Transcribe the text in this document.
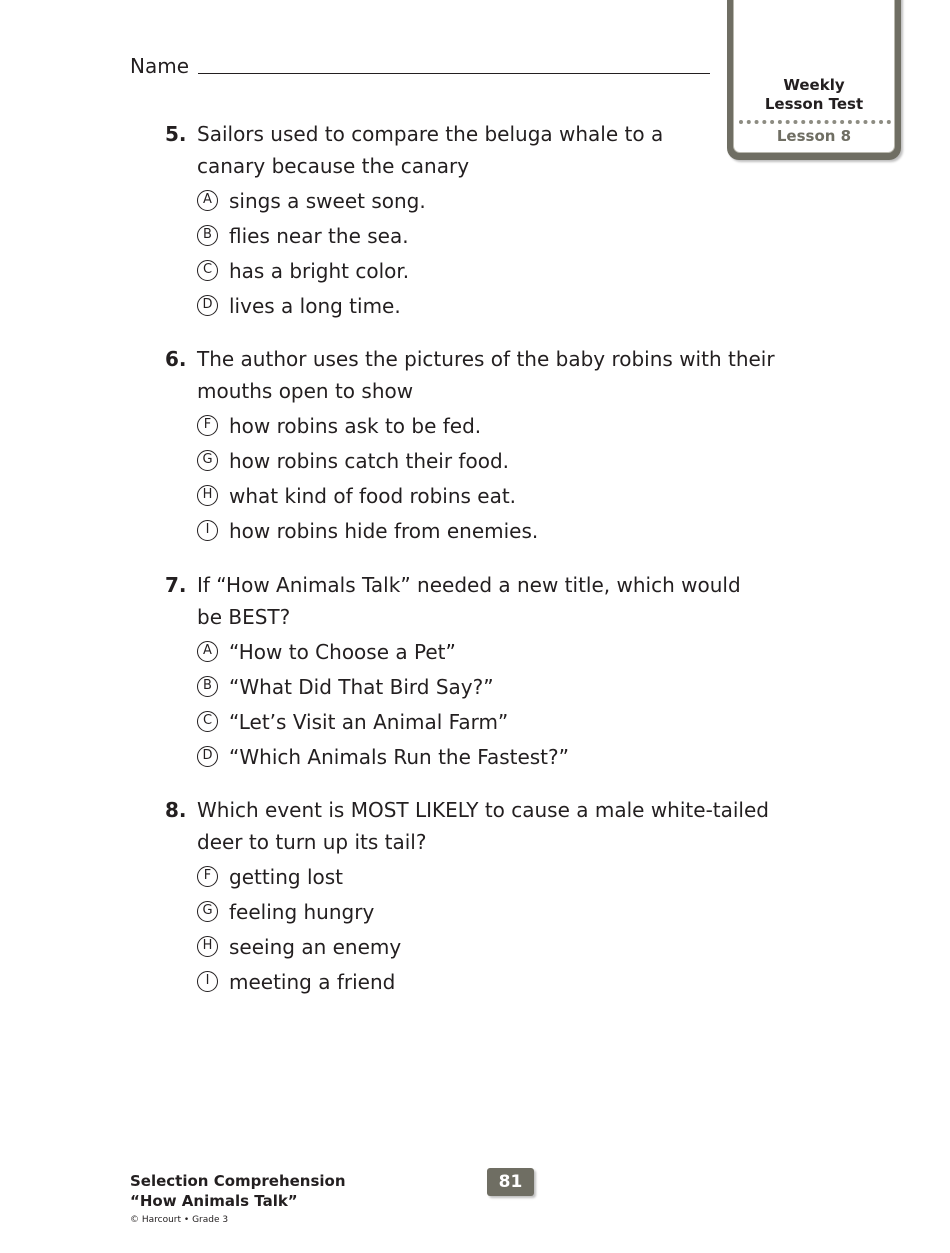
Name
Weekly
Lesson Test
Lesson 8
5. Sailors used to compare the beluga whale to a canary because the canary
A sings a sweet song.
B flies near the sea.
C has a bright color.
D lives a long time.
6. The author uses the pictures of the baby robins with their mouths open to show
F how robins ask to be fed.
G how robins catch their food.
H what kind of food robins eat.
I how robins hide from enemies.
7. If “How Animals Talk” needed a new title, which would be BEST?
A “How to Choose a Pet”
B “What Did That Bird Say?”
C “Let’s Visit an Animal Farm”
D “Which Animals Run the Fastest?”
8. Which event is MOST LIKELY to cause a male white-tailed deer to turn up its tail?
F getting lost
G feeling hungry
H seeing an enemy
I meeting a friend
Selection Comprehension
“How Animals Talk”
© Harcourt • Grade 3
81
